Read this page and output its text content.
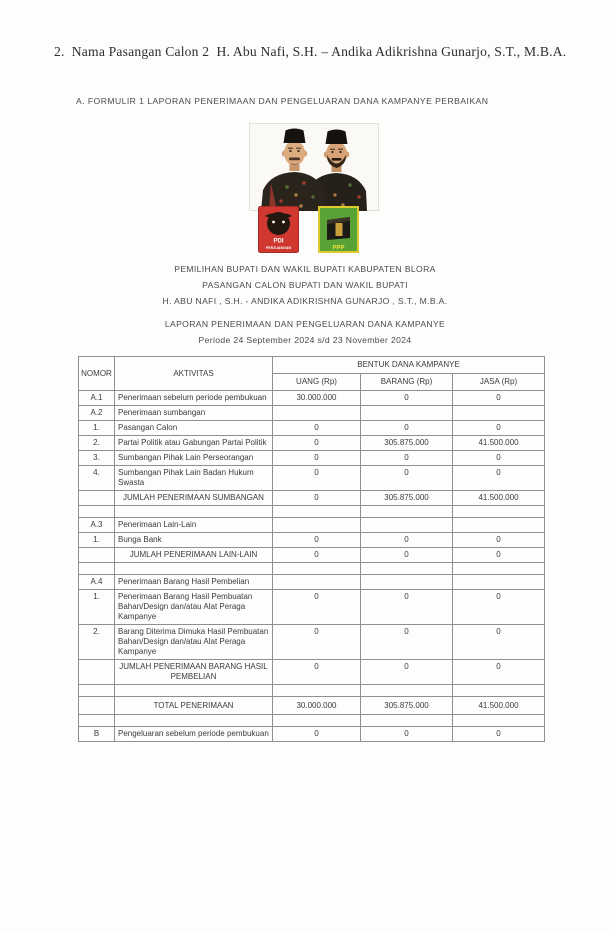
2.  Nama Pasangan Calon 2  H. Abu Nafi, S.H. – Andika Adikrishna Gunarjo, S.T., M.B.A.
A. FORMULIR 1 LAPORAN PENERIMAAN DAN PENGELUARAN DANA KAMPANYE PERBAIKAN
PDI
PERJUANGAN	PPP
PEMILIHAN BUPATI DAN WAKIL BUPATI KABUPATEN BLORA
PASANGAN CALON BUPATI DAN WAKIL BUPATI
H. ABU NAFI , S.H. - ANDIKA ADIKRISHNA GUNARJO , S.T., M.B.A.
LAPORAN PENERIMAAN DAN PENGELUARAN DANA KAMPANYE
Periode 24 September 2024 s/d 23 November 2024
NOMOR	AKTIVITAS	BENTUK DANA KAMPANYE		
		UANG (Rp)	BARANG (Rp)	JASA (Rp)
A.1	Penerimaan sebelum periode pembukuan	30.000.000	0	0
A.2	Penerimaan sumbangan			
1.	Pasangan Calon	0	0	0
2.	Partai Politik atau Gabungan Partai Politik	0	305.875.000	41.500.000
3.	Sumbangan Pihak Lain Perseorangan	0	0	0
4.	Sumbangan Pihak Lain Badan Hukum Swasta	0	0	0
	JUMLAH PENERIMAAN SUMBANGAN	0	305.875.000	41.500.000

A.3	Penerimaan Lain-Lain			
1.	Bunga Bank	0	0	0
	JUMLAH PENERIMAAN LAIN-LAIN	0	0	0

A.4	Penerimaan Barang Hasil Pembelian			
1.	Penerimaan Barang Hasil Pembuatan Bahan/Design dan/atau Alat Peraga Kampanye	0	0	0
2.	Barang Diterima Dimuka Hasil Pembuatan Bahan/Design dan/atau Alat Peraga Kampanye	0	0	0
	JUMLAH PENERIMAAN BARANG HASIL PEMBELIAN	0	0	0

	TOTAL PENERIMAAN	30.000.000	305.875.000	41.500.000

B	Pengeluaran sebelum periode pembukuan	0	0	0
